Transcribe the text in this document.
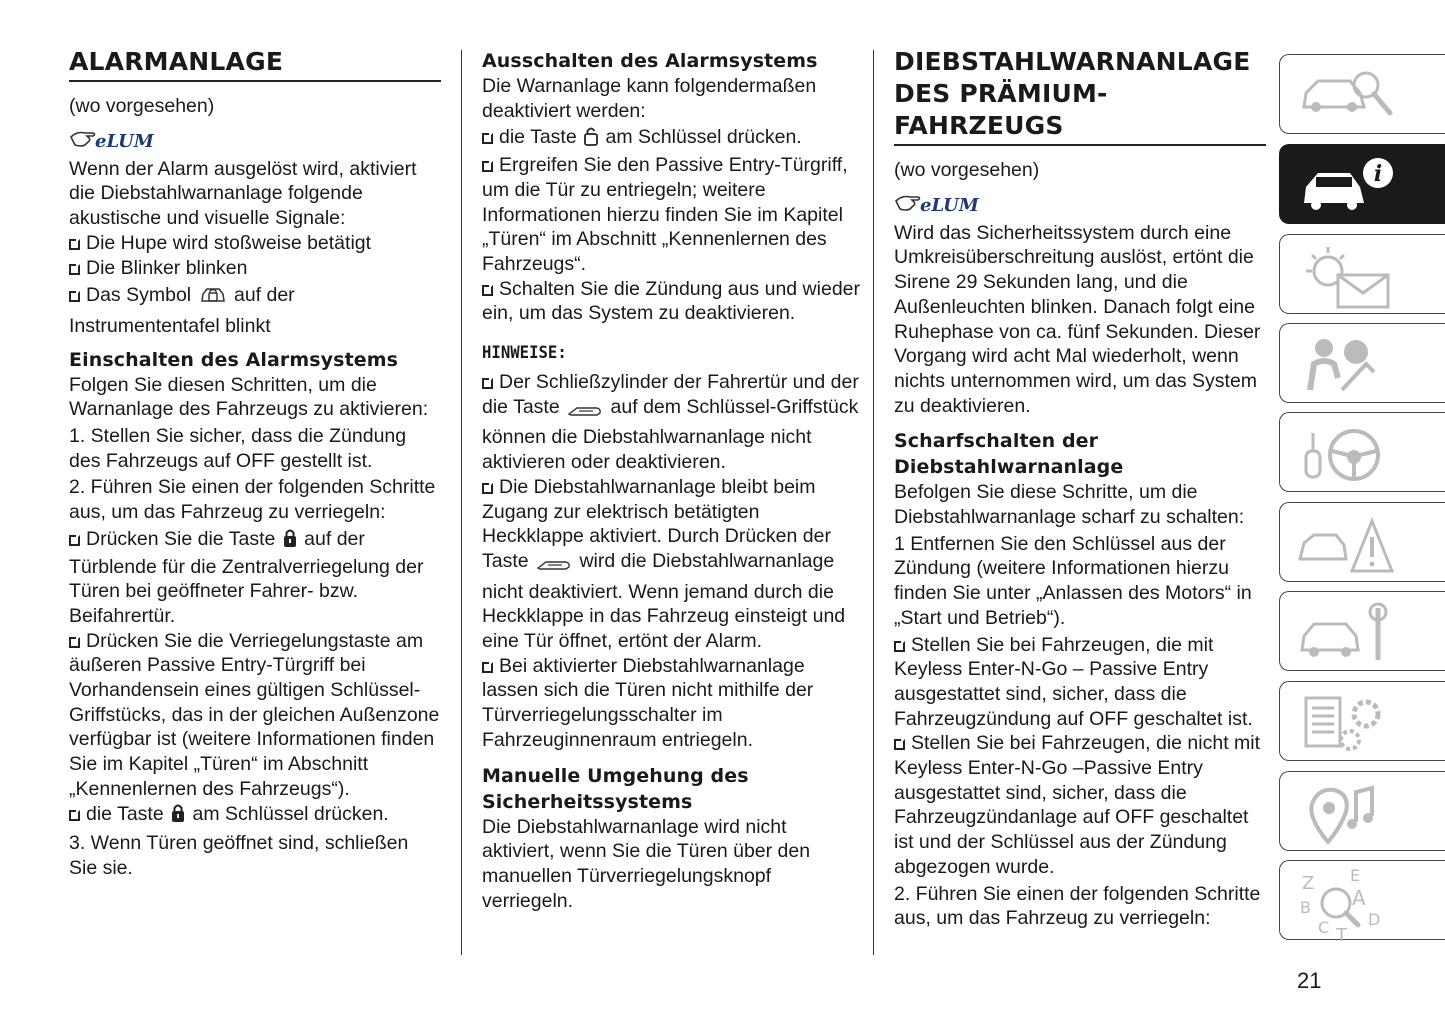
ALARMANLAGE

(wo vorgesehen)

eLUM

Wenn der Alarm ausgelöst wird, aktiviert die Diebstahlwarnanlage folgende akustische und visuelle Signale:

Die Hupe wird stoßweise betätigt

Die Blinker blinken

Das Symbol auf der Instrumententafel blinkt

Einschalten des Alarmsystems

Folgen Sie diesen Schritten, um die Warnanlage des Fahrzeugs zu aktivieren:

1. Stellen Sie sicher, dass die Zündung des Fahrzeugs auf OFF gestellt ist.

2. Führen Sie einen der folgenden Schritte aus, um das Fahrzeug zu verriegeln:

Drücken Sie die Taste auf der Türblende für die Zentralverriegelung der Türen bei geöffneter Fahrer- bzw. Beifahrertür.

Drücken Sie die Verriegelungstaste am äußeren Passive Entry-Türgriff bei Vorhandensein eines gültigen Schlüssel-Griffstücks, das in der gleichen Außenzone verfügbar ist (weitere Informationen finden Sie im Kapitel „Türen“ im Abschnitt „Kennenlernen des Fahrzeugs“).

die Taste am Schlüssel drücken.

3. Wenn Türen geöffnet sind, schließen Sie sie.

Ausschalten des Alarmsystems

Die Warnanlage kann folgendermaßen deaktiviert werden:

die Taste am Schlüssel drücken.

Ergreifen Sie den Passive Entry-Türgriff, um die Tür zu entriegeln; weitere Informationen hierzu finden Sie im Kapitel „Türen“ im Abschnitt „Kennenlernen des Fahrzeugs“.

Schalten Sie die Zündung aus und wieder ein, um das System zu deaktivieren.

HINWEISE:

Der Schließzylinder der Fahrertür und der die Taste	auf dem Schlüssel-Griffstück können die Diebstahlwarnanlage nicht aktivieren oder deaktivieren.

Die Diebstahlwarnanlage bleibt beim Zugang zur elektrisch betätigten Heckklappe aktiviert. Durch Drücken der Taste	wird die Diebstahlwarnanlage nicht deaktiviert. Wenn jemand durch die Heckklappe in das Fahrzeug einsteigt und eine Tür öffnet, ertönt der Alarm.

Bei aktivierter Diebstahlwarnanlage lassen sich die Türen nicht mithilfe der Türverriegelungsschalter im Fahrzeuginnenraum entriegeln.

Manuelle Umgehung des Sicherheitssystems

Die Diebstahlwarnanlage wird nicht aktiviert, wenn Sie die Türen über den manuellen Türverriegelungsknopf verriegeln.

DIEBSTAHLWARNANLAGE DES PRÄMIUM-FAHRZEUGS

(wo vorgesehen)

eLUM

Wird das Sicherheitssystem durch eine Umkreisüberschreitung auslöst, ertönt die Sirene 29 Sekunden lang, und die Außenleuchten blinken. Danach folgt eine Ruhephase von ca. fünf Sekunden. Dieser Vorgang wird acht Mal wiederholt, wenn nichts unternommen wird, um das System zu deaktivieren.

Scharfschalten der Diebstahlwarnanlage

Befolgen Sie diese Schritte, um die Diebstahlwarnanlage scharf zu schalten:

1 Entfernen Sie den Schlüssel aus der Zündung (weitere Informationen hierzu finden Sie unter „Anlassen des Motors“ in „Start und Betrieb“).

Stellen Sie bei Fahrzeugen, die mit Keyless Enter-N-Go – Passive Entry ausgestattet sind, sicher, dass die Fahrzeugzündung auf OFF geschaltet ist.

Stellen Sie bei Fahrzeugen, die nicht mit Keyless Enter-N-Go –Passive Entry ausgestattet sind, sicher, dass die Fahrzeugzündanlage auf OFF geschaltet ist und der Schlüssel aus der Zündung abgezogen wurde.

2. Führen Sie einen der folgenden Schritte aus, um das Fahrzeug zu verriegeln:

i
Z E
B A
C T
D
21
